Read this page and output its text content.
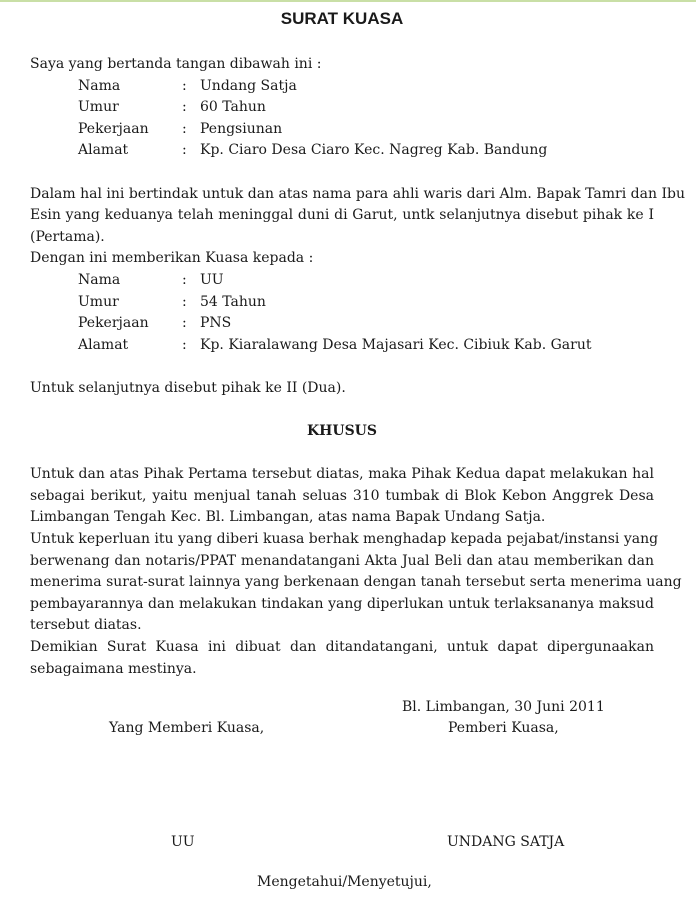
SURAT KUASA
Saya yang bertanda tangan dibawah ini :
Nama	: Undang Satja
Umur	: 60 Tahun
Pekerjaan	: Pengsiunan
Alamat	: Kp. Ciaro Desa Ciaro Kec. Nagreg Kab. Bandung
Dalam hal ini bertindak untuk dan atas nama para ahli waris dari Alm. Bapak Tamri dan Ibu
Esin yang keduanya telah meninggal duni di Garut, untk selanjutnya disebut pihak ke I
(Pertama).
Dengan ini memberikan Kuasa kepada :
Nama	: UU
Umur	: 54 Tahun
Pekerjaan	: PNS
Alamat	: Kp. Kiaralawang Desa Majasari Kec. Cibiuk Kab. Garut
Untuk selanjutnya disebut pihak ke II (Dua).
KHUSUS
Untuk dan atas Pihak Pertama tersebut diatas, maka Pihak Kedua dapat melakukan hal
sebagai berikut, yaitu menjual tanah seluas 310 tumbak di Blok Kebon Anggrek Desa
Limbangan Tengah Kec. Bl. Limbangan, atas nama Bapak Undang Satja.
Untuk keperluan itu yang diberi kuasa berhak menghadap kepada pejabat/instansi yang
berwenang dan notaris/PPAT menandatangani Akta Jual Beli dan atau memberikan dan
menerima surat-surat lainnya yang berkenaan dengan tanah tersebut serta menerima uang
pembayarannya dan melakukan tindakan yang diperlukan untuk terlaksananya maksud
tersebut diatas.
Demikian Surat Kuasa ini dibuat dan ditandatangani, untuk dapat dipergunaakan
sebagaimana mestinya.
Bl. Limbangan, 30 Juni 2011
Yang Memberi Kuasa,	Pemberi Kuasa,
UU	UNDANG SATJA
Mengetahui/Menyetujui,
